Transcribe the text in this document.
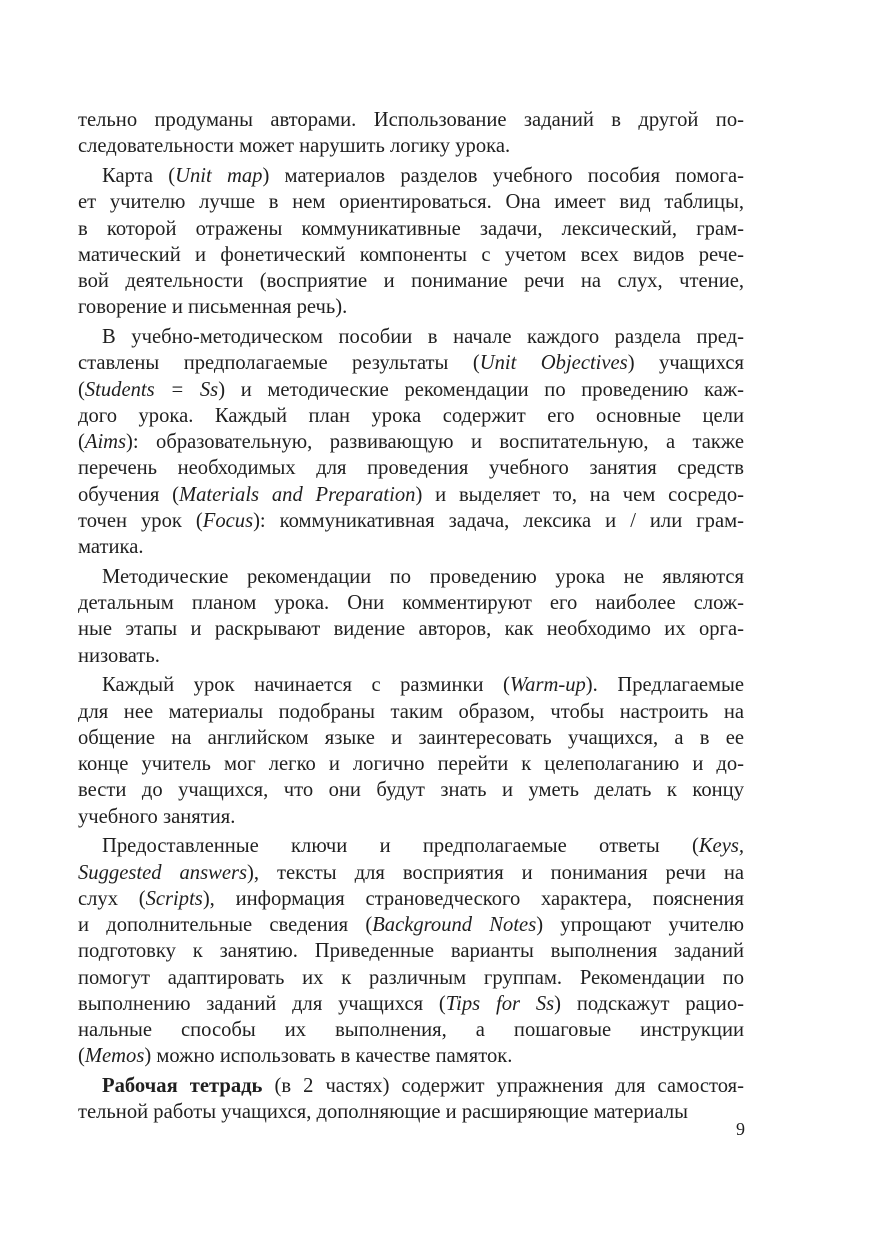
тельно продуманы авторами. Использование заданий в другой по-
следовательности может нарушить логику урока.
Карта (Unit map) материалов разделов учебного пособия помога-
ет учителю лучше в нем ориентироваться. Она имеет вид таблицы,
в которой отражены коммуникативные задачи, лексический, грам-
матический и фонетический компоненты с учетом всех видов рече-
вой деятельности (восприятие и понимание речи на слух, чтение,
говорение и письменная речь).
В учебно-методическом пособии в начале каждого раздела пред-
ставлены предполагаемые результаты (Unit Objectives) учащихся
(Students = Ss) и методические рекомендации по проведению каж-
дого урока. Каждый план урока содержит его основные цели
(Aims): образовательную, развивающую и воспитательную, а также
перечень необходимых для проведения учебного занятия средств
обучения (Materials and Preparation) и выделяет то, на чем сосредо-
точен урок (Focus): коммуникативная задача, лексика и / или грам-
матика.
Методические рекомендации по проведению урока не являются
детальным планом урока. Они комментируют его наиболее слож-
ные этапы и раскрывают видение авторов, как необходимо их орга-
низовать.
Каждый урок начинается с разминки (Warm-up). Предлагаемые
для нее материалы подобраны таким образом, чтобы настроить на
общение на английском языке и заинтересовать учащихся, а в ее
конце учитель мог легко и логично перейти к целеполаганию и до-
вести до учащихся, что они будут знать и уметь делать к концу
учебного занятия.
Предоставленные ключи и предполагаемые ответы (Keys,
Suggested answers), тексты для восприятия и понимания речи на
слух (Scripts), информация страноведческого характера, пояснения
и дополнительные сведения (Background Notes) упрощают учителю
подготовку к занятию. Приведенные варианты выполнения заданий
помогут адаптировать их к различным группам. Рекомендации по
выполнению заданий для учащихся (Tips for Ss) подскажут рацио-
нальные способы их выполнения, а пошаговые инструкции
(Memos) можно использовать в качестве памяток.
Рабочая тетрадь (в 2 частях) содержит упражнения для самостоя-
тельной работы учащихся, дополняющие и расширяющие материалы
9
